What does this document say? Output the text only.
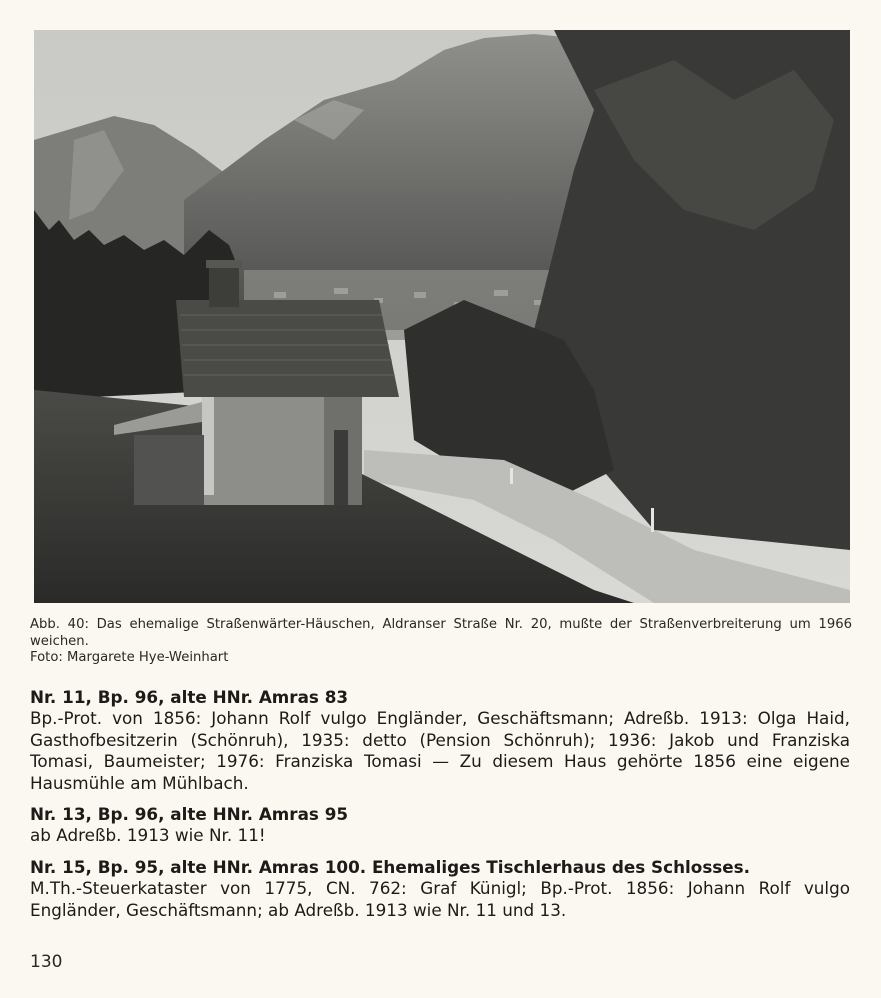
Abb. 40: Das ehemalige Straßenwärter-Häuschen, Aldranser Straße Nr. 20, mußte der Straßenverbreiterung um 1966 weichen.

Foto: Margarete Hye-Weinhart

Nr. 11, Bp. 96, alte HNr. Amras 83

Bp.-Prot. von 1856: Johann Rolf vulgo Engländer, Geschäftsmann; Adreßb. 1913: Olga Haid, Gasthofbesitzerin (Schönruh), 1935: detto (Pension Schönruh); 1936: Jakob und Franziska Tomasi, Baumeister; 1976: Franziska Tomasi — Zu diesem Haus gehörte 1856 eine eigene Hausmühle am Mühlbach.

Nr. 13, Bp. 96, alte HNr. Amras 95

ab Adreßb. 1913 wie Nr. 11!

Nr. 15, Bp. 95, alte HNr. Amras 100. Ehemaliges Tischlerhaus des Schlosses.

M.Th.-Steuerkataster von 1775, CN. 762: Graf Künigl; Bp.-Prot. 1856: Johann Rolf vulgo Engländer, Geschäftsmann; ab Adreßb. 1913 wie Nr. 11 und 13.

130
